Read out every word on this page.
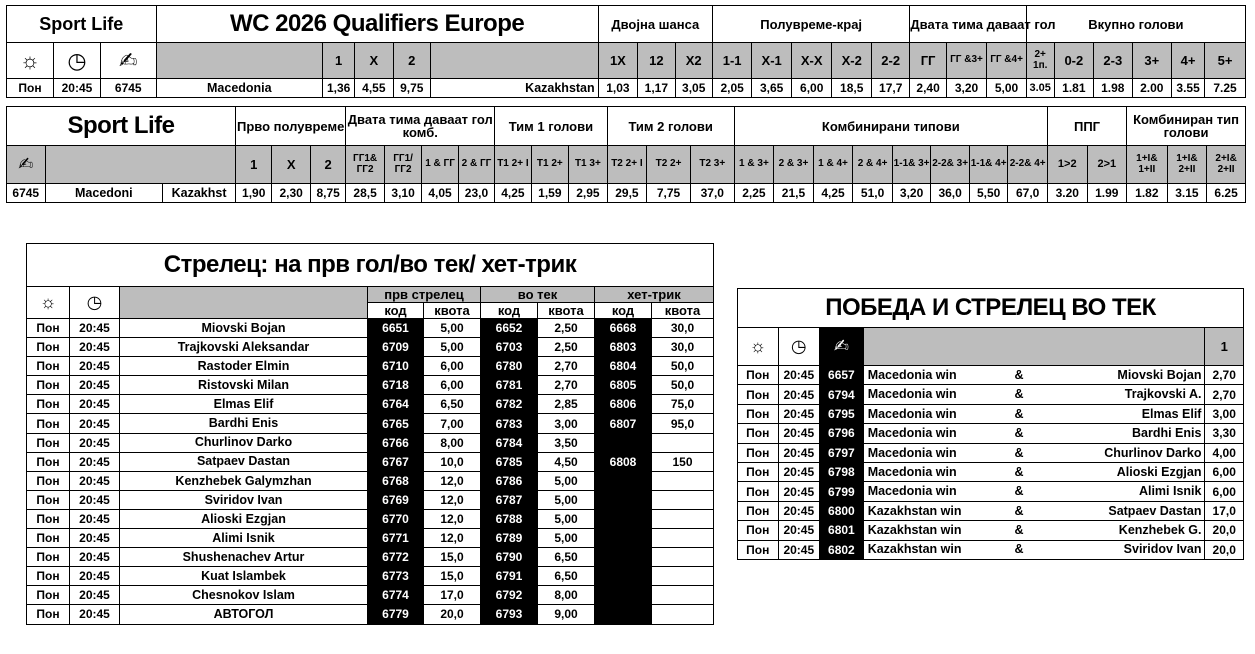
Sport Life			WC 2026 Qualifiers Europe					Двојна шанса			Полувреме-крај					Двата тима даваат гол			Вкупно голови					
☼	◷	✍		1	X	2		1X	12	X2	1-1	X-1	X-X	X-2	2-2	ГГ	ГГ &3+	ГГ &4+	2+ 1п.	0-2	2-3	3+	4+	5+
Пон	20:45	6745	Macedonia	1,36	4,55	9,75	Kazakhstan	1,03	1,17	3,05	2,05	3,65	6,00	18,5	17,7	2,40	3,20	5,00	3.05	1.81	1.98	2.00	3.55	7.25
Sport Life			Прво полувреме			Двата тима даваат гол комб.				Тим 1 голови			Тим 2 голови			Комбинирани типови								ППГ		Комбиниран тип голови		
✍			1	X	2	ГГ1& ГГ2	ГГ1/ ГГ2	1 & ГГ	2 & ГГ	T1 2+ I	T1 2+	T1 3+	T2 2+ I	T2 2+	T2 3+	1 & 3+	2 & 3+	1 & 4+	2 & 4+	1-1& 3+	2-2& 3+	1-1& 4+	2-2& 4+	1>2	2>1	1+I& 1+II	1+I& 2+II	2+I& 2+II
6745	Macedoni	Kazakhst	1,90	2,30	8,75	28,5	3,10	4,05	23,0	4,25	1,59	2,95	29,5	7,75	37,0	2,25	21,5	4,25	51,0	3,20	36,0	5,50	67,0	3.20	1.99	1.82	3.15	6.25
Стрелец: на прв гол/во тек/ хет-трик								
☼	◷		прв стрелец		во тек		хет-трик	
			код	квота	код	квота	код	квота
Пон	20:45	Miovski Bojan	6651	5,00	6652	2,50	6668	30,0
Пон	20:45	Trajkovski Aleksandar	6709	5,00	6703	2,50	6803	30,0
Пон	20:45	Rastoder Elmin	6710	6,00	6780	2,70	6804	50,0
Пон	20:45	Ristovski Milan	6718	6,00	6781	2,70	6805	50,0
Пон	20:45	Elmas Elif	6764	6,50	6782	2,85	6806	75,0
Пон	20:45	Bardhi Enis	6765	7,00	6783	3,00	6807	95,0
Пон	20:45	Churlinov Darko	6766	8,00	6784	3,50		
Пон	20:45	Satpaev Dastan	6767	10,0	6785	4,50	6808	150
Пон	20:45	Kenzhebek Galymzhan	6768	12,0	6786	5,00		
Пон	20:45	Sviridov Ivan	6769	12,0	6787	5,00		
Пон	20:45	Alioski Ezgjan	6770	12,0	6788	5,00		
Пон	20:45	Alimi Isnik	6771	12,0	6789	5,00		
Пон	20:45	Shushenachev Artur	6772	15,0	6790	6,50		
Пон	20:45	Kuat Islambek	6773	15,0	6791	6,50		
Пон	20:45	Chesnokov Islam	6774	17,0	6792	8,00		
Пон	20:45	АВТОГОЛ	6779	20,0	6793	9,00		
ПОБЕДА И СТРЕЛЕЦ ВО ТЕК						
☼	◷	✍				1
Пон	20:45	6657	Macedonia win	&	Miovski Bojan	2,70
Пон	20:45	6794	Macedonia win	&	Trajkovski A.	2,70
Пон	20:45	6795	Macedonia win	&	Elmas Elif	3,00
Пон	20:45	6796	Macedonia win	&	Bardhi Enis	3,30
Пон	20:45	6797	Macedonia win	&	Churlinov Darko	4,00
Пон	20:45	6798	Macedonia win	&	Alioski Ezgjan	6,00
Пон	20:45	6799	Macedonia win	&	Alimi Isnik	6,00
Пон	20:45	6800	Kazakhstan win	&	Satpaev Dastan	17,0
Пон	20:45	6801	Kazakhstan win	&	Kenzhebek G.	20,0
Пон	20:45	6802	Kazakhstan win	&	Sviridov Ivan	20,0
